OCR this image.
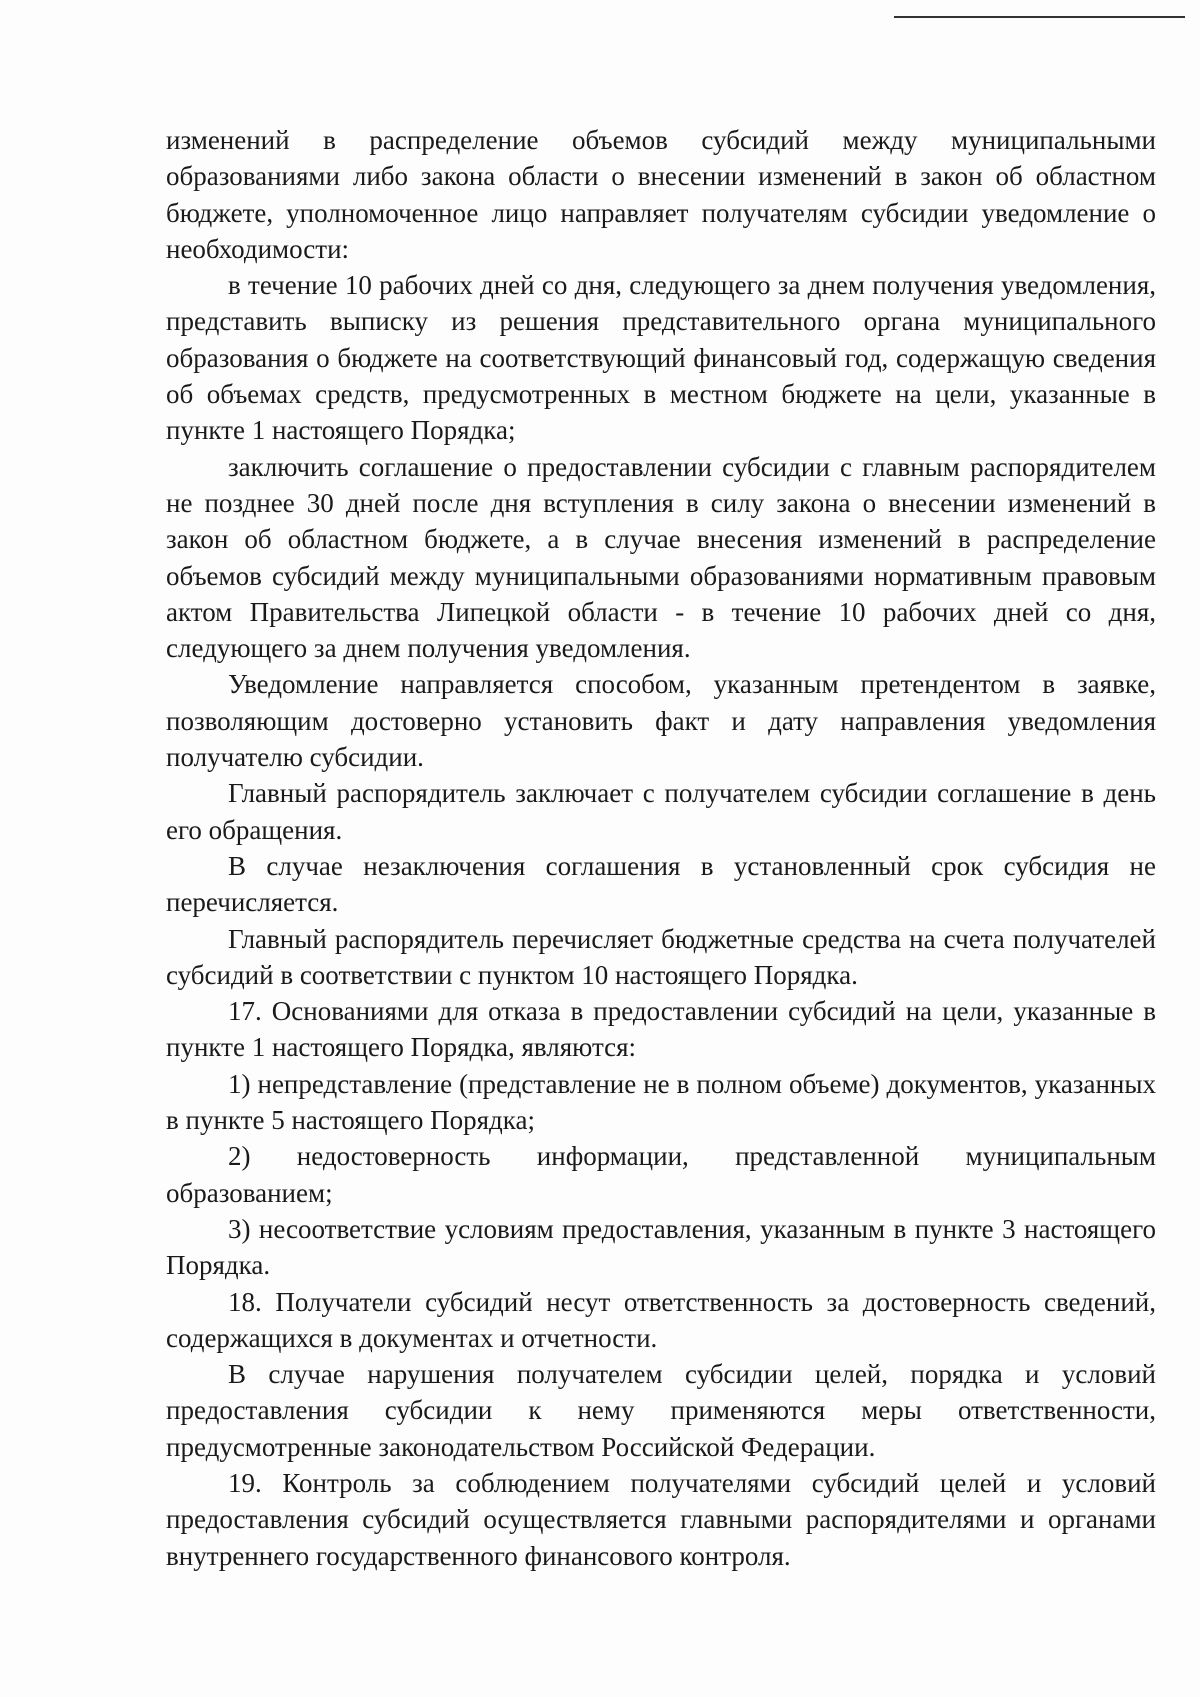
изменений в распределение объемов субсидий между муниципальными образованиями либо закона области о внесении изменений в закон об областном бюджете, уполномоченное лицо направляет получателям субсидии уведомление о необходимости:

в течение 10 рабочих дней со дня, следующего за днем получения уведомления, представить выписку из решения представительного органа муниципального образования о бюджете на соответствующий финансовый год, содержащую сведения об объемах средств, предусмотренных в местном бюджете на цели, указанные в пункте 1 настоящего Порядка;

заключить соглашение о предоставлении субсидии с главным распорядителем не позднее 30 дней после дня вступления в силу закона о внесении изменений в закон об областном бюджете, а в случае внесения изменений в распределение объемов субсидий между муниципальными образованиями нормативным правовым актом Правительства Липецкой области - в течение 10 рабочих дней со дня, следующего за днем получения уведомления.

Уведомление направляется способом, указанным претендентом в заявке, позволяющим достоверно установить факт и дату направления уведомления получателю субсидии.

Главный распорядитель заключает с получателем субсидии соглашение в день его обращения.

В случае незаключения соглашения в установленный срок субсидия не перечисляется.

Главный распорядитель перечисляет бюджетные средства на счета получателей субсидий в соответствии с пунктом 10 настоящего Порядка.

17. Основаниями для отказа в предоставлении субсидий на цели, указанные в пункте 1 настоящего Порядка, являются:

1) непредставление (представление не в полном объеме) документов, указанных в пункте 5 настоящего Порядка;

2) недостоверность информации, представленной муниципальным образованием;

3) несоответствие условиям предоставления, указанным в пункте 3 настоящего Порядка.

18. Получатели субсидий несут ответственность за достоверность сведений, содержащихся в документах и отчетности.

В случае нарушения получателем субсидии целей, порядка и условий предоставления субсидии к нему применяются меры ответственности, предусмотренные законодательством Российской Федерации.

19. Контроль за соблюдением получателями субсидий целей и условий предоставления субсидий осуществляется главными распорядителями и органами внутреннего государственного финансового контроля.
